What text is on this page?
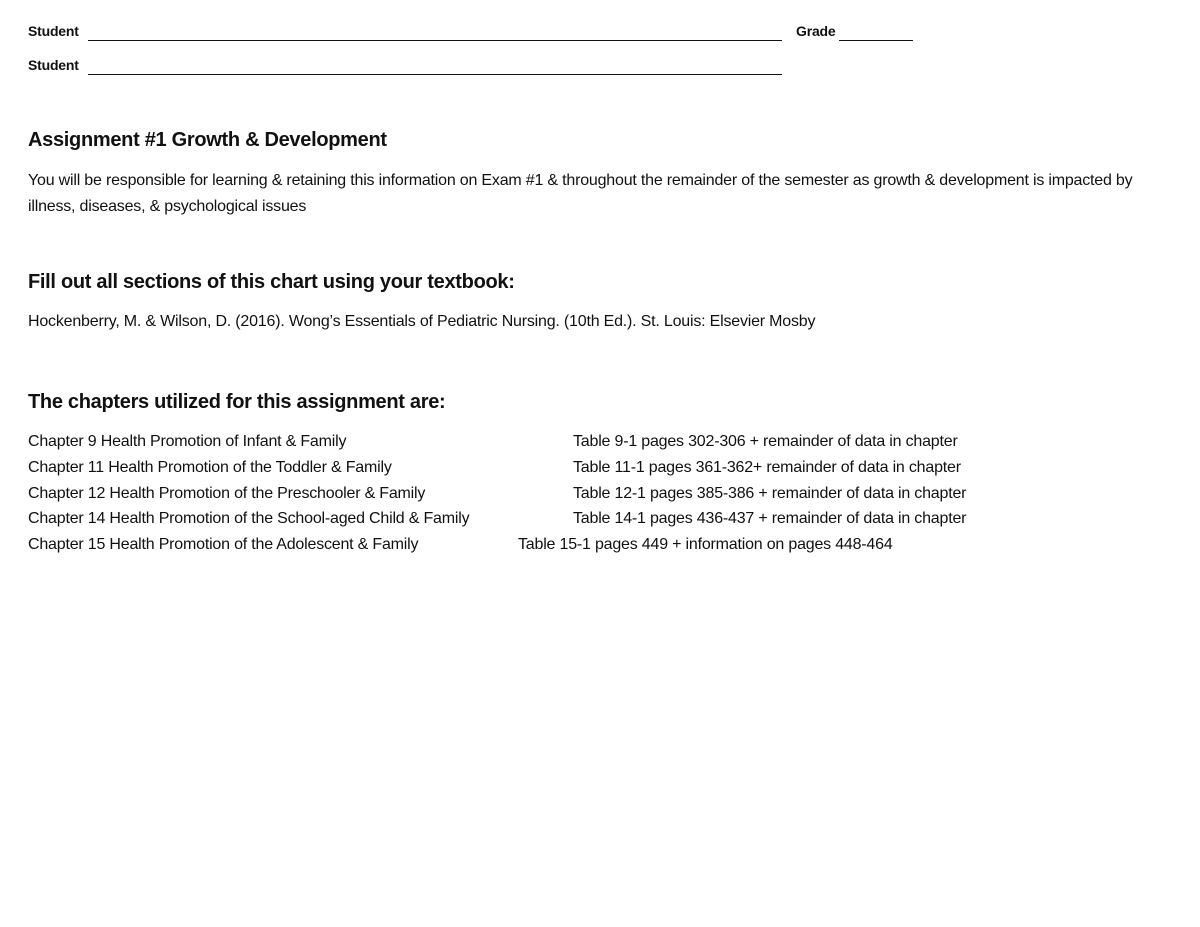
Student	Grade
Student
Assignment #1 Growth & Development
You will be responsible for learning & retaining this information on Exam #1 & throughout the remainder of the semester as growth & development is impacted by illness, diseases, & psychological issues
Fill out all sections of this chart using your textbook:
Hockenberry, M. & Wilson, D. (2016). Wong’s Essentials of Pediatric Nursing. (10th Ed.). St. Louis: Elsevier Mosby
The chapters utilized for this assignment are:
Chapter 9 Health Promotion of Infant & Family	Table 9-1 pages 302-306 + remainder of data in chapter
Chapter 11 Health Promotion of the Toddler & Family	Table 11-1 pages 361-362+ remainder of data in chapter
Chapter 12 Health Promotion of the Preschooler & Family	Table 12-1 pages 385-386 + remainder of data in chapter
Chapter 14 Health Promotion of the School-aged Child & Family	Table 14-1 pages 436-437 + remainder of data in chapter
Chapter 15 Health Promotion of the Adolescent & Family	Table 15-1 pages 449 + information on pages 448-464
